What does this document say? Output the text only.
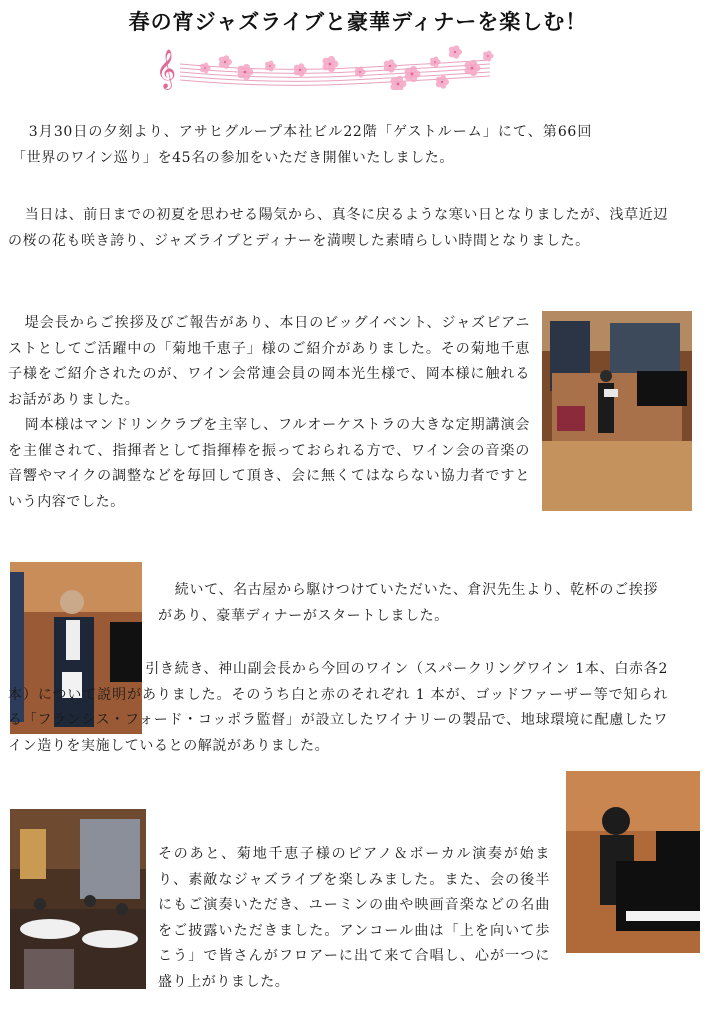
春の宵ジャズライブと豪華ディナーを楽しむ！
𝄞

3月30日の夕刻より、アサヒグループ本社ビル22階「ゲストルーム」にて、第66回「世界のワイン巡り」を45名の参加をいただき開催いたしました。

当日は、前日までの初夏を思わせる陽気から、真冬に戻るような寒い日となりましたが、浅草近辺の桜の花も咲き誇り、ジャズライブとディナーを満喫した素晴らしい時間となりました。

堤会長からご挨拶及びご報告があり、本日のビッグイベント、ジャズピアニストとしてご活躍中の「菊地千恵子」様のご紹介がありました。その菊地千恵子様をご紹介されたのが、ワイン会常連会員の岡本光生様で、岡本様に触れるお話がありました。

岡本様はマンドリンクラブを主宰し、フルオーケストラの大きな定期講演会を主催されて、指揮者として指揮棒を振っておられる方で、ワイン会の音楽の音響やマイクの調整などを毎回して頂き、会に無くてはならない協力者ですという内容でした。

続いて、名古屋から駆けつけていただいた、倉沢先生より、乾杯のご挨拶があり、豪華ディナーがスタートしました。

引き続き、神山副会長から今回のワイン（スパークリングワイン 1本、白赤各2本）について説明がありました。そのうち白と赤のそれぞれ 1 本が、ゴッドファーザー等で知られる「フランシス・フォード・コッポラ監督」が設立したワイナリーの製品で、地球環境に配慮したワイン造りを実施しているとの解説がありました。

そのあと、菊地千恵子様のピアノ＆ボーカル演奏が始まり、素敵なジャズライブを楽しみました。また、会の後半にもご演奏いただき、ユーミンの曲や映画音楽などの名曲をご披露いただきました。アンコール曲は「上を向いて歩こう」で皆さんがフロアーに出て来て合唱し、心が一つに盛り上がりました。
